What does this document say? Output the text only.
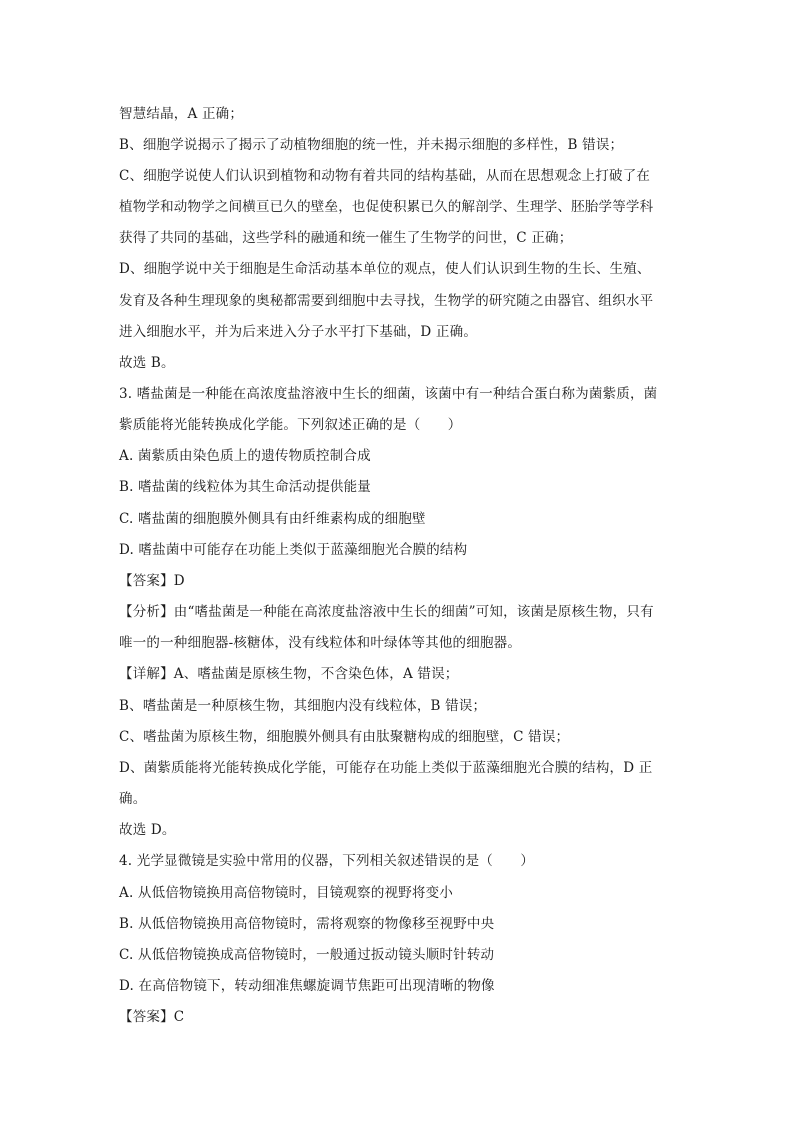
智慧结晶，A 正确；
B、细胞学说揭示了揭示了动植物细胞的统一性，并未揭示细胞的多样性，B 错误；
C、细胞学说使人们认识到植物和动物有着共同的结构基础，从而在思想观念上打破了在
植物学和动物学之间横亘已久的壁垒，也促使积累已久的解剖学、生理学、胚胎学等学科
获得了共同的基础，这些学科的融通和统一催生了生物学的问世，C 正确；
D、细胞学说中关于细胞是生命活动基本单位的观点，使人们认识到生物的生长、生殖、
发育及各种生理现象的奥秘都需要到细胞中去寻找，生物学的研究随之由器官、组织水平
进入细胞水平，并为后来进入分子水平打下基础，D 正确。
故选 B。
3. 嗜盐菌是一种能在高浓度盐溶液中生长的细菌，该菌中有一种结合蛋白称为菌紫质，菌
紫质能将光能转换成化学能。下列叙述正确的是（　　）
A. 菌紫质由染色质上的遗传物质控制合成
B. 嗜盐菌的线粒体为其生命活动提供能量
C. 嗜盐菌的细胞膜外侧具有由纤维素构成的细胞壁
D. 嗜盐菌中可能存在功能上类似于蓝藻细胞光合膜的结构
【答案】D
【分析】由“嗜盐菌是一种能在高浓度盐溶液中生长的细菌”可知，该菌是原核生物，只有
唯一的一种细胞器-核糖体，没有线粒体和叶绿体等其他的细胞器。
【详解】A、嗜盐菌是原核生物，不含染色体，A 错误；
B、嗜盐菌是一种原核生物，其细胞内没有线粒体，B 错误；
C、嗜盐菌为原核生物，细胞膜外侧具有由肽聚糖构成的细胞壁，C 错误；
D、菌紫质能将光能转换成化学能，可能存在功能上类似于蓝藻细胞光合膜的结构，D 正
确。
故选 D。
4. 光学显微镜是实验中常用的仪器，下列相关叙述错误的是（　　）
A. 从低倍物镜换用高倍物镜时，目镜观察的视野将变小
B. 从低倍物镜换用高倍物镜时，需将观察的物像移至视野中央
C. 从低倍物镜换成高倍物镜时，一般通过扳动镜头顺时针转动
D. 在高倍物镜下，转动细准焦螺旋调节焦距可出现清晰的物像
【答案】C
